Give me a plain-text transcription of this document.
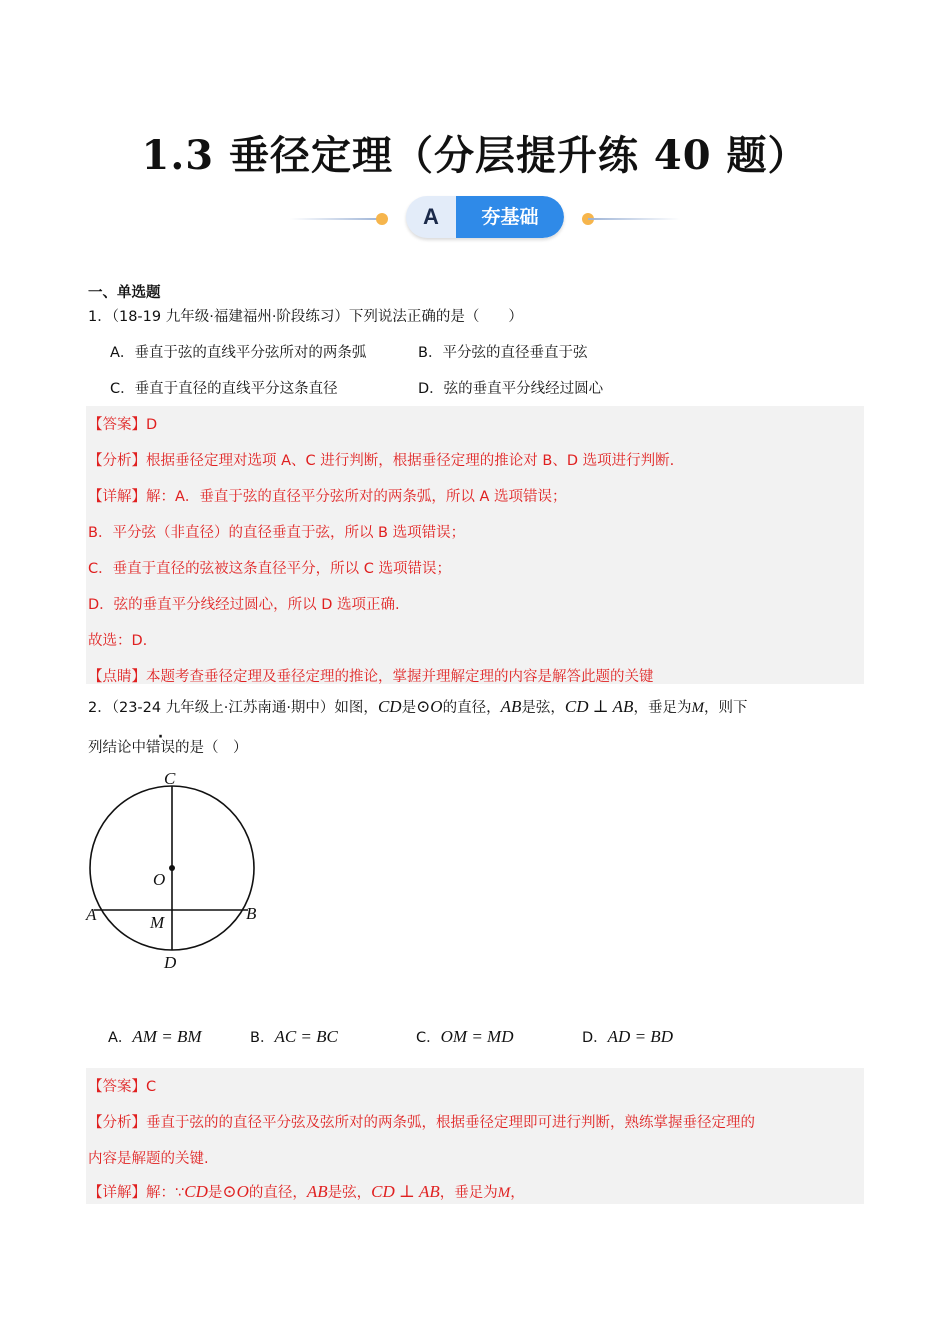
1.3 垂径定理（分层提升练 40 题）
A	夯基础
一、单选题
1．（18-19 九年级·福建福州·阶段练习）下列说法正确的是（　　）
A．垂直于弦的直线平分弦所对的两条弧	B．平分弦的直径垂直于弦
C．垂直于直径的直线平分这条直径	D．弦的垂直平分线经过圆心
【答案】D
【分析】根据垂径定理对选项 A、C 进行判断，根据垂径定理的推论对 B、D 选项进行判断.
【详解】解：A．垂直于弦的直径平分弦所对的两条弧，所以 A 选项错误；
B．平分弦（非直径）的直径垂直于弦，所以 B 选项错误；
C．垂直于直径的弦被这条直径平分，所以 C 选项错误；
D．弦的垂直平分线经过圆心，所以 D 选项正确.
故选：D.
【点睛】本题考查垂径定理及垂径定理的推论，掌握并理解定理的内容是解答此题的关键
2．（23-24 九年级上·江苏南通·期中）如图，CD是⊙O的直径，AB是弦，CD ⊥ AB，垂足为M，则下
列结论中错误的是（　）
C
O
A	B
M
D
A．AM = BM	B．AC = BC	C．OM = MD	D．AD = BD
【答案】C
【分析】垂直于弦的的直径平分弦及弦所对的两条弧，根据垂径定理即可进行判断，熟练掌握垂径定理的
内容是解题的关键.
【详解】解：∵CD是⊙O的直径，AB是弦，CD ⊥ AB，垂足为M，
